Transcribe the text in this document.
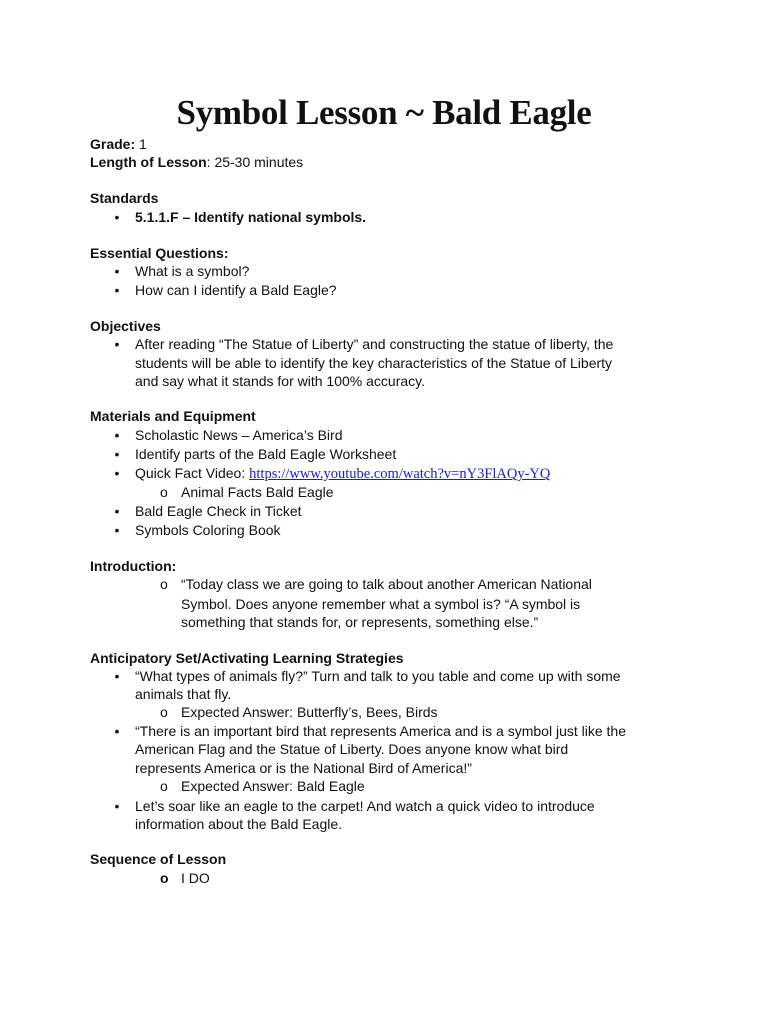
Symbol Lesson ~ Bald Eagle
Grade: 1
Length of Lesson: 25-30 minutes
Standards
• 5.1.1.F – Identify national symbols.
Essential Questions:
• What is a symbol?
• How can I identify a Bald Eagle?
Objectives
• After reading “The Statue of Liberty” and constructing the statue of liberty, the
students will be able to identify the key characteristics of the Statue of Liberty
and say what it stands for with 100% accuracy.
Materials and Equipment
• Scholastic News – America’s Bird
• Identify parts of the Bald Eagle Worksheet
• Quick Fact Video: https://www.youtube.com/watch?v=nY3FlAQy-YQ
o Animal Facts Bald Eagle
• Bald Eagle Check in Ticket
• Symbols Coloring Book
Introduction:
o “Today class we are going to talk about another American National
Symbol. Does anyone remember what a symbol is? “A symbol is
something that stands for, or represents, something else.”
Anticipatory Set/Activating Learning Strategies
• “What types of animals fly?” Turn and talk to you table and come up with some
animals that fly.
o Expected Answer: Butterfly’s, Bees, Birds
• “There is an important bird that represents America and is a symbol just like the
American Flag and the Statue of Liberty. Does anyone know what bird
represents America or is the National Bird of America!”
o Expected Answer: Bald Eagle
• Let’s soar like an eagle to the carpet! And watch a quick video to introduce
information about the Bald Eagle.
Sequence of Lesson
o I DO
